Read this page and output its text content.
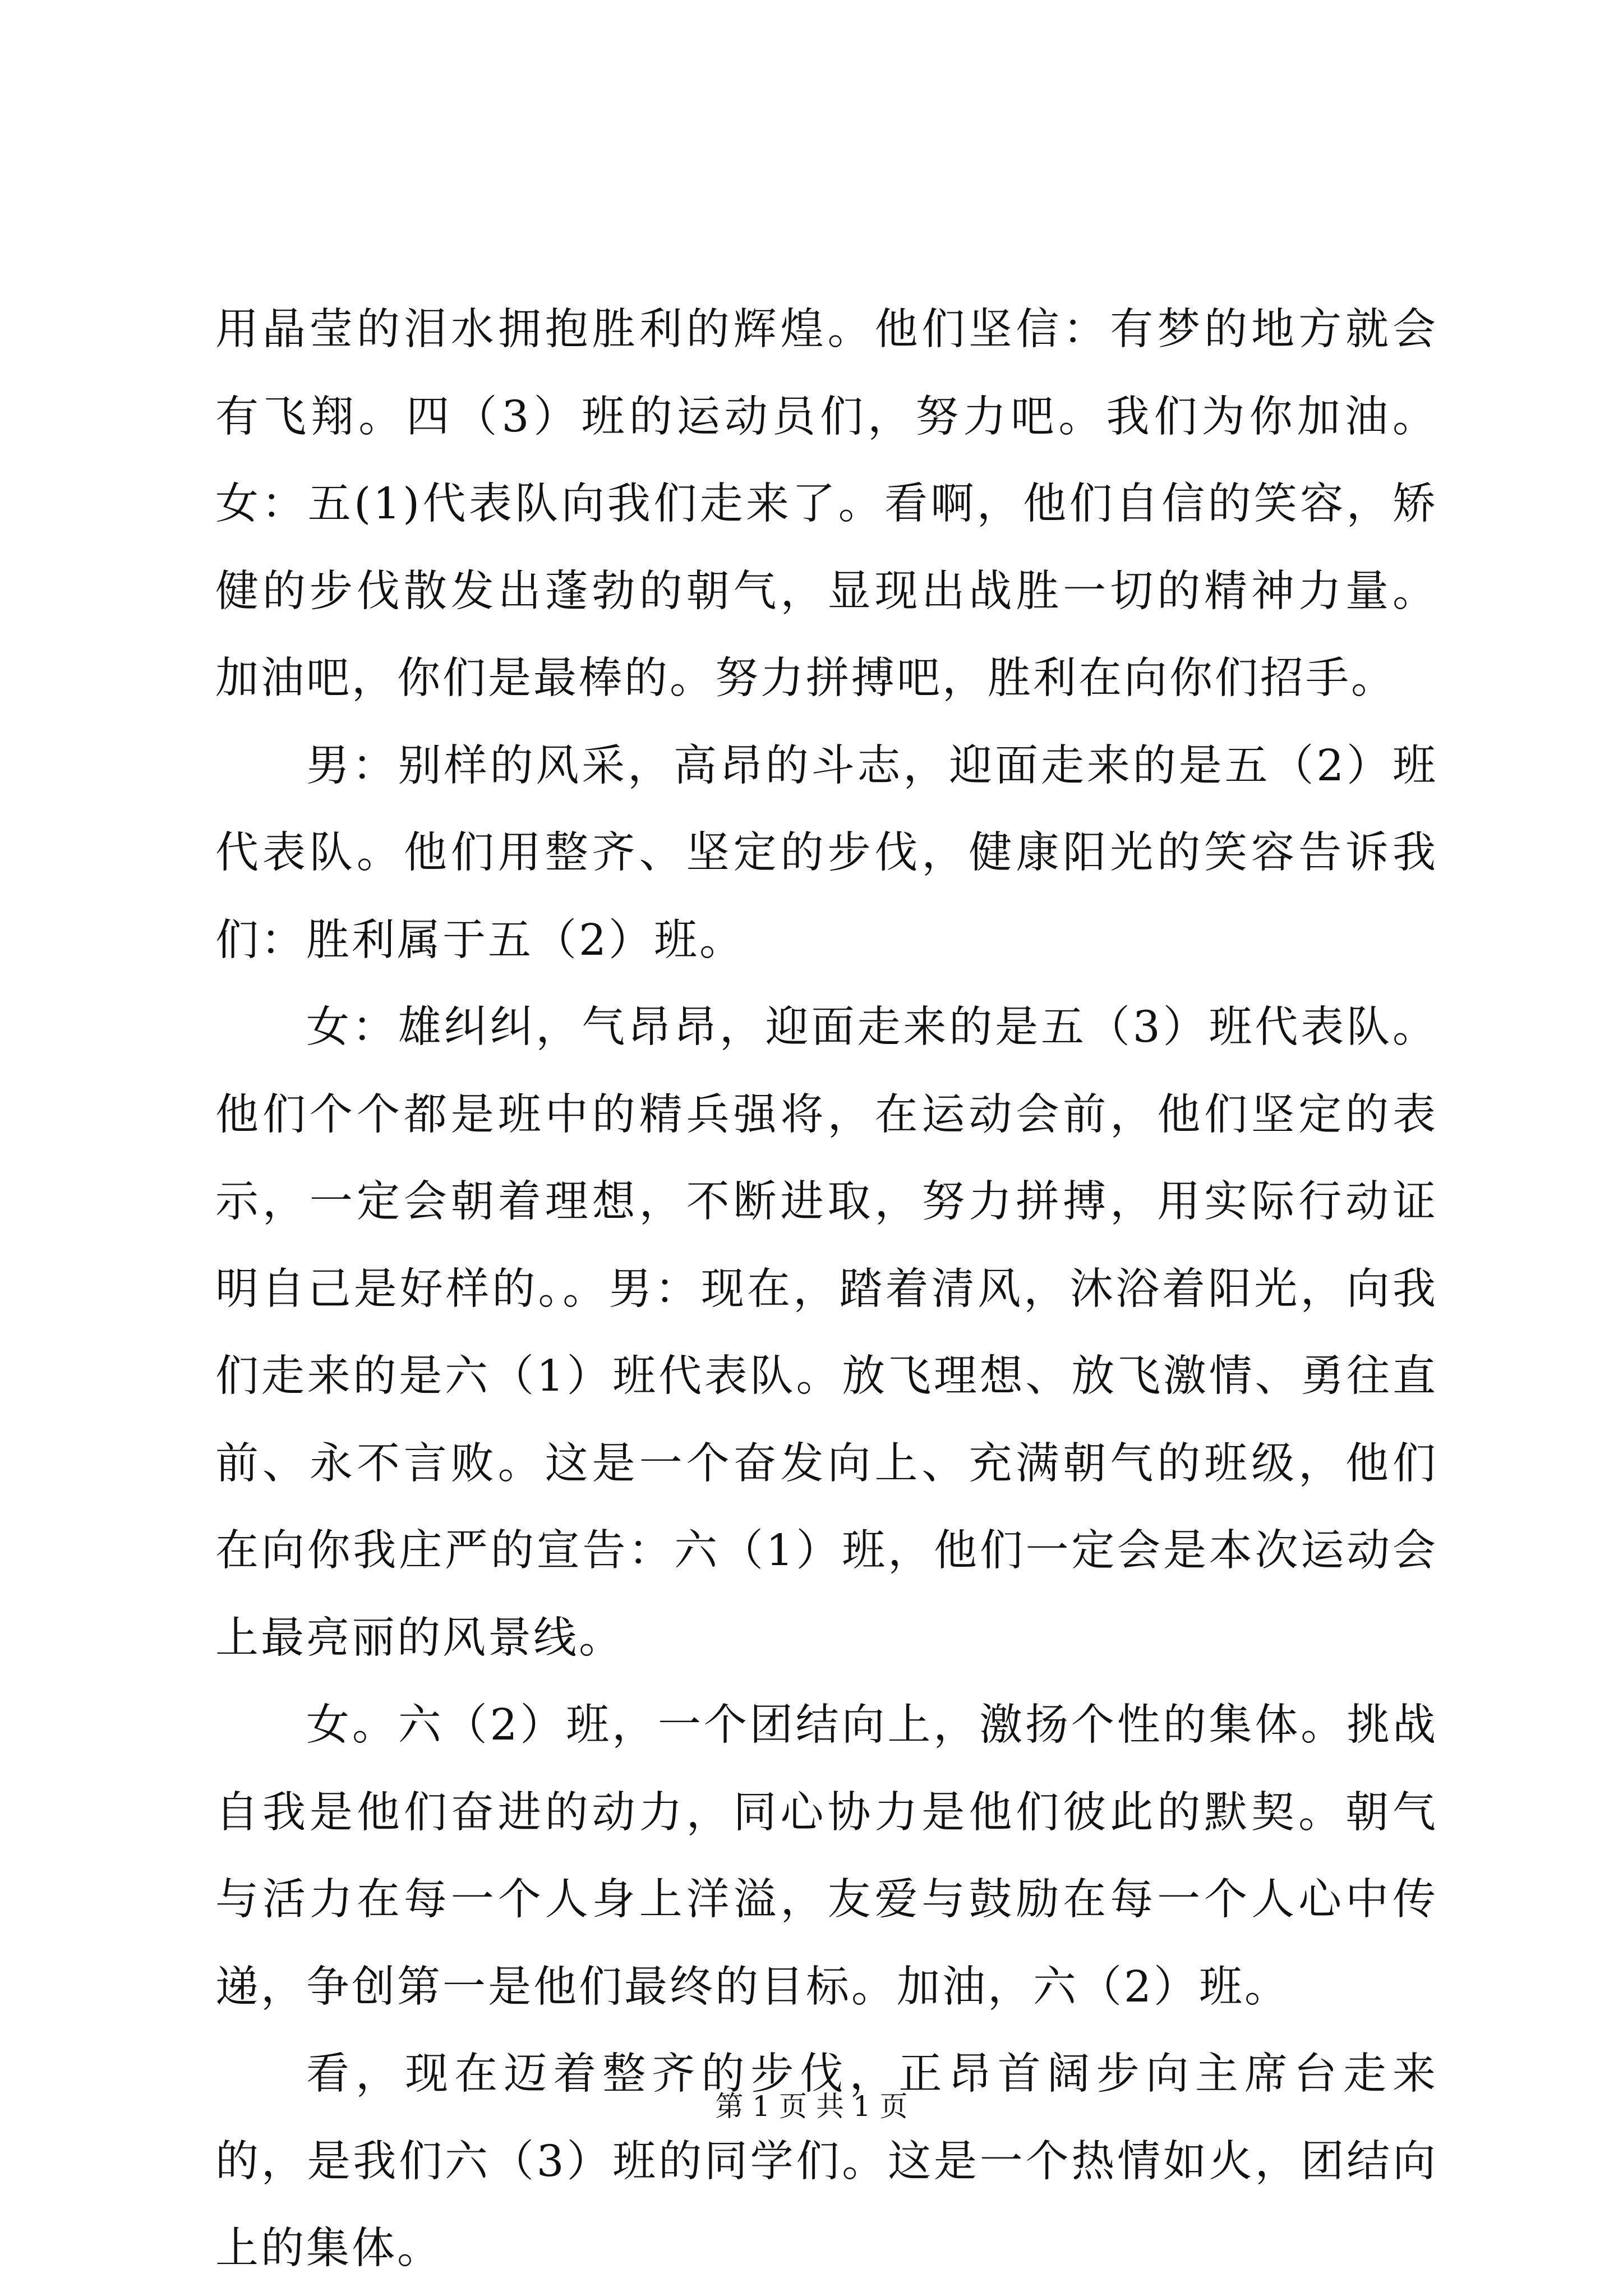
用晶莹的泪水拥抱胜利的辉煌。他们坚信：有梦的地方就会有飞翔。四（3）班的运动员们，努力吧。我们为你加油。女：五(1)代表队向我们走来了。看啊，他们自信的笑容，矫健的步伐散发出蓬勃的朝气，显现出战胜一切的精神力量。加油吧，你们是最棒的。努力拼搏吧，胜利在向你们招手。

男：别样的风采，高昂的斗志，迎面走来的是五（2）班代表队。他们用整齐、坚定的步伐，健康阳光的笑容告诉我们：胜利属于五（2）班。

女：雄纠纠，气昂昂，迎面走来的是五（3）班代表队。他们个个都是班中的精兵强将，在运动会前，他们坚定的表示，一定会朝着理想，不断进取，努力拼搏，用实际行动证明自己是好样的。。男：现在，踏着清风，沐浴着阳光，向我们走来的是六（1）班代表队。放飞理想、放飞激情、勇往直前、永不言败。这是一个奋发向上、充满朝气的班级，他们在向你我庄严的宣告：六（1）班，他们一定会是本次运动会上最亮丽的风景线。

女。六（2）班，一个团结向上，激扬个性的集体。挑战自我是他们奋进的动力，同心协力是他们彼此的默契。朝气与活力在每一个人身上洋溢，友爱与鼓励在每一个人心中传递，争创第一是他们最终的目标。加油，六（2）班。

看，现在迈着整齐的步伐，正昂首阔步向主席台走来的，是我们六（3）班的同学们。这是一个热情如火，团结向上的集体。

第 1 页 共 1 页
